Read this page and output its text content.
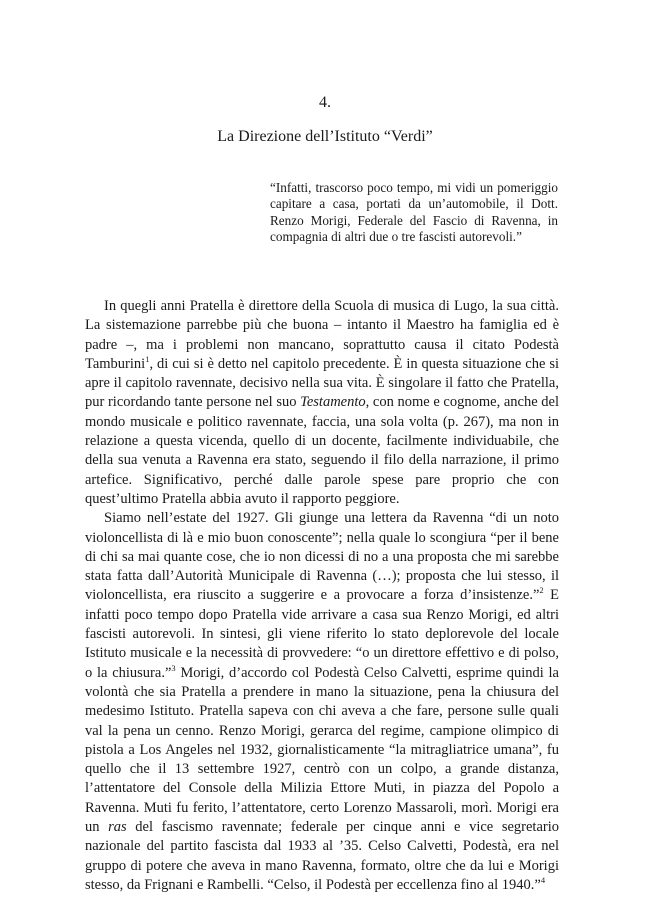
4.
La Direzione dell’Istituto “Verdi”
“Infatti, trascorso poco tempo, mi vidi un pomeriggio capitare a casa, portati da un’automobile, il Dott. Renzo Morigi, Federale del Fascio di Ravenna, in compagnia di altri due o tre fascisti autorevoli.”

In quegli anni Pratella è direttore della Scuola di musica di Lugo, la sua città. La sistemazione parrebbe più che buona – intanto il Maestro ha famiglia ed è padre –, ma i problemi non mancano, soprattutto causa il citato Podestà Tamburini$^1$, di cui si è detto nel capitolo precedente. È in questa situazione che si apre il capitolo ravennate, decisivo nella sua vita. È singolare il fatto che Pratella, pur ricordando tante persone nel suo Testamento, con nome e cognome, anche del mondo musicale e politico ravennate, faccia, una sola volta (p. 267), ma non in relazione a questa vicenda, quello di un docente, facilmente individuabile, che della sua venuta a Ravenna era stato, seguendo il filo della narrazione, il primo artefice. Significativo, perché dalle parole spese pare proprio che con quest’ultimo Pratella abbia avuto il rapporto peggiore.

Siamo nell’estate del 1927. Gli giunge una lettera da Ravenna “di un noto violoncellista di là e mio buon conoscente”; nella quale lo scongiura “per il bene di chi sa mai quante cose, che io non dicessi di no a una proposta che mi sarebbe stata fatta dall’Autorità Municipale di Ravenna (…); proposta che lui stesso, il violoncellista, era riuscito a suggerire e a provocare a forza d’insistenze.”$^2$ E infatti poco tempo dopo Pratella vide arrivare a casa sua Renzo Morigi, ed altri fascisti autorevoli. In sintesi, gli viene riferito lo stato deplorevole del locale Istituto musicale e la necessità di provvedere: “o un direttore effettivo e di polso, o la chiusura.”$^3$ Morigi, d’accordo col Podestà Celso Calvetti, esprime quindi la volontà che sia Pratella a prendere in mano la situazione, pena la chiusura del medesimo Istituto. Pratella sapeva con chi aveva a che fare, persone sulle quali val la pena un cenno. Renzo Morigi, gerarca del regime, campione olimpico di pistola a Los Angeles nel 1932, giornalisticamente “la mitragliatrice umana”, fu quello che il 13 settembre 1927, centrò con un colpo, a grande distanza, l’attentatore del Console della Milizia Ettore Muti, in piazza del Popolo a Ravenna. Muti fu ferito, l’attentatore, certo Lorenzo Massaroli, morì. Morigi era un ras del fascismo ravennate; federale per cinque anni e vice segretario nazionale del partito fascista dal 1933 al ’35. Celso Calvetti, Podestà, era nel gruppo di potere che aveva in mano Ravenna, formato, oltre che da lui e Morigi stesso, da Frignani e Rambelli. “Celso, il Podestà per eccellenza fino al 1940.”$^4$
